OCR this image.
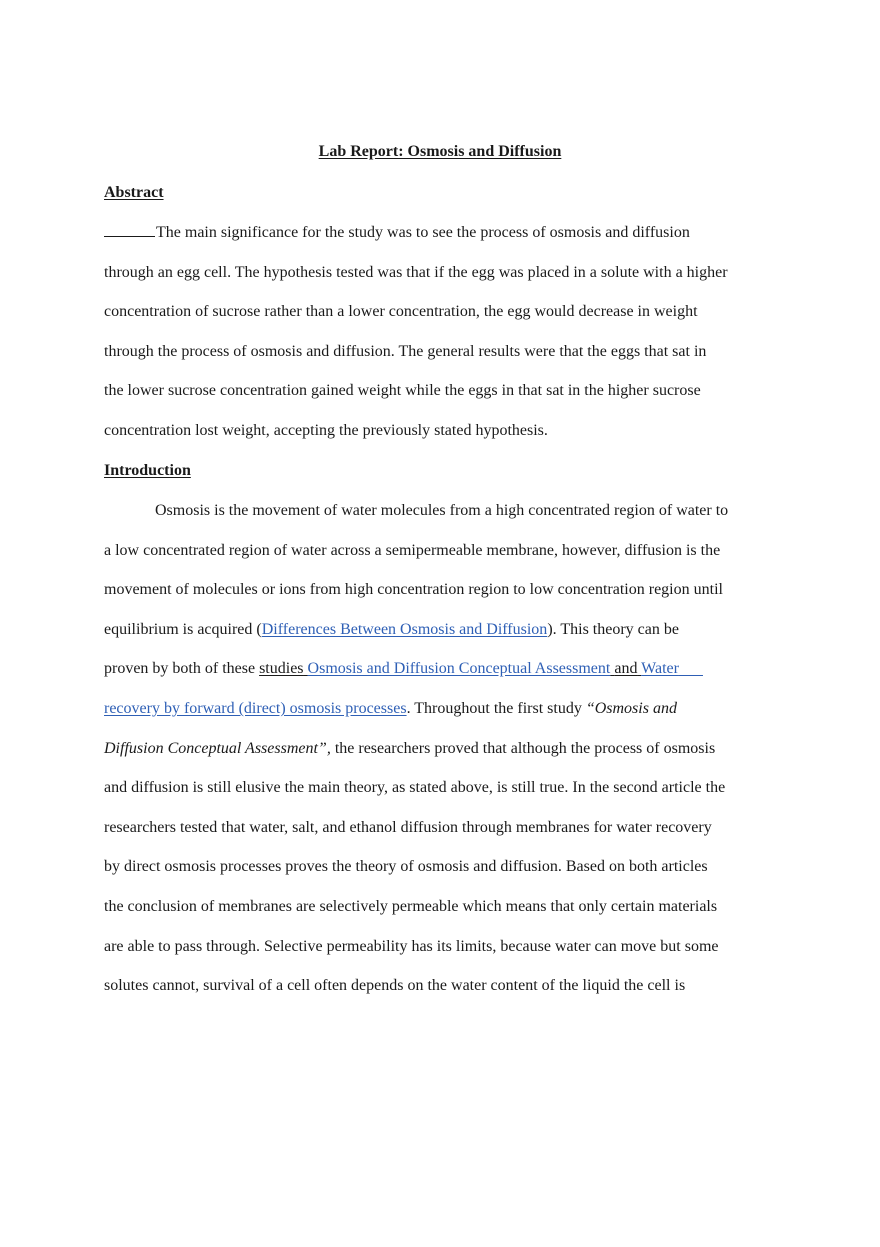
Lab Report: Osmosis and Diffusion
Abstract
The main significance for the study was to see the process of osmosis and diffusion
through an egg cell. The hypothesis tested was that if the egg was placed in a solute with a higher
concentration of sucrose rather than a lower concentration, the egg would decrease in weight
through the process of osmosis and diffusion. The general results were that the eggs that sat in
the lower sucrose concentration gained weight while the eggs in that sat in the higher sucrose
concentration lost weight, accepting the previously stated hypothesis.
Introduction
Osmosis is the movement of water molecules from a high concentrated region of water to
a low concentrated region of water across a semipermeable membrane, however, diffusion is the
movement of molecules or ions from high concentration region to low concentration region until
equilibrium is acquired (Differences Between Osmosis and Diffusion). This theory can be
proven by both of these studies Osmosis and Diffusion Conceptual Assessment and Water
recovery by forward (direct) osmosis processes. Throughout the first study “Osmosis and
Diffusion Conceptual Assessment”, the researchers proved that although the process of osmosis
and diffusion is still elusive the main theory, as stated above, is still true. In the second article the
researchers tested that water, salt, and ethanol diffusion through membranes for water recovery
by direct osmosis processes proves the theory of osmosis and diffusion. Based on both articles
the conclusion of membranes are selectively permeable which means that only certain materials
are able to pass through. Selective permeability has its limits, because water can move but some
solutes cannot, survival of a cell often depends on the water content of the liquid the cell is
